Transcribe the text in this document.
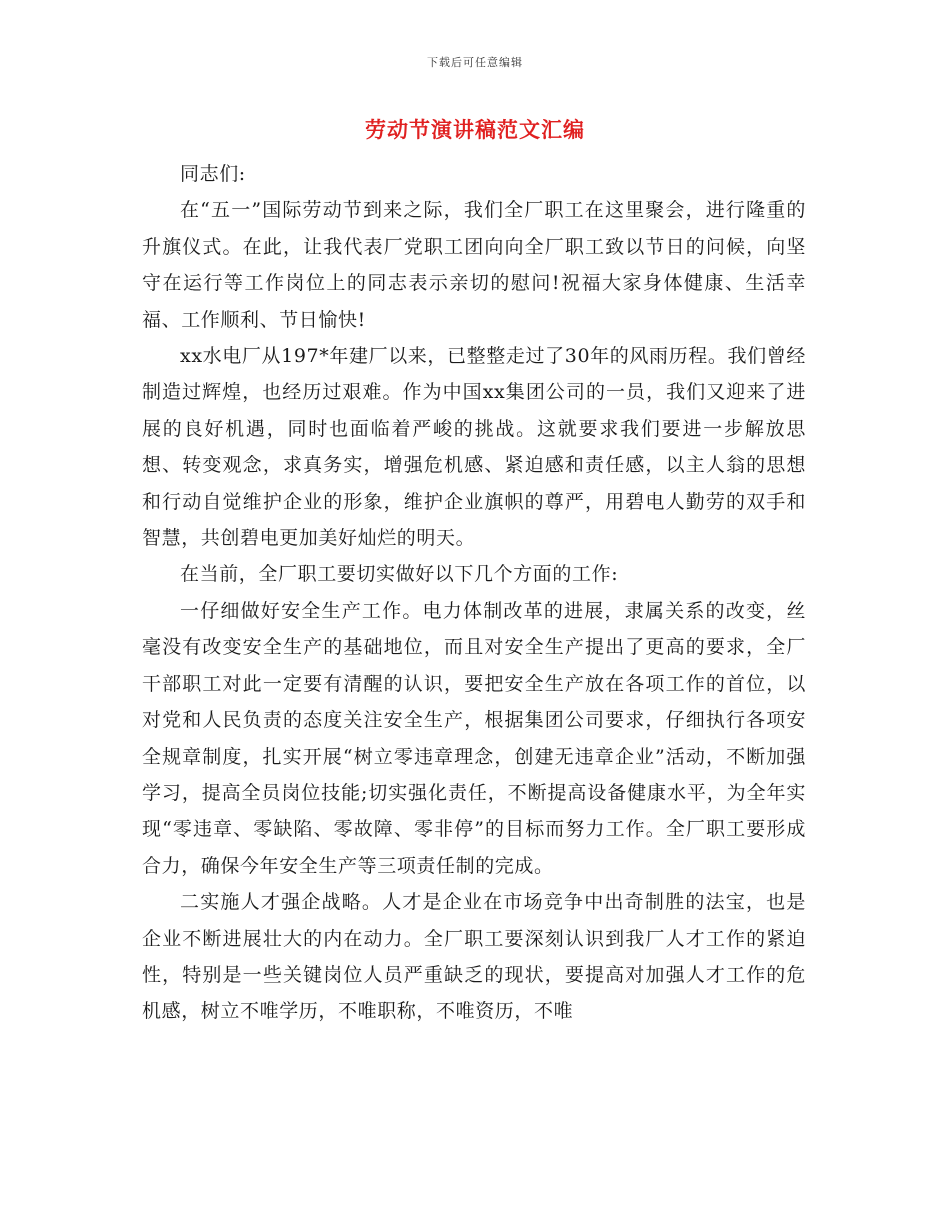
下载后可任意编辑
劳动节演讲稿范文汇编

同志们:

在“五一”国际劳动节到来之际，我们全厂职工在这里聚会，进行隆重的升旗仪式。在此，让我代表厂党职工团向向全厂职工致以节日的问候，向坚守在运行等工作岗位上的同志表示亲切的慰问!祝福大家身体健康、生活幸福、工作顺利、节日愉快!

xx水电厂从197*年建厂以来，已整整走过了30年的风雨历程。我们曾经制造过辉煌，也经历过艰难。作为中国xx集团公司的一员，我们又迎来了进展的良好机遇，同时也面临着严峻的挑战。这就要求我们要进一步解放思想、转变观念，求真务实，增强危机感、紧迫感和责任感，以主人翁的思想和行动自觉维护企业的形象，维护企业旗帜的尊严，用碧电人勤劳的双手和智慧，共创碧电更加美好灿烂的明天。

在当前，全厂职工要切实做好以下几个方面的工作:

一仔细做好安全生产工作。电力体制改革的进展，隶属关系的改变，丝毫没有改变安全生产的基础地位，而且对安全生产提出了更高的要求，全厂干部职工对此一定要有清醒的认识，要把安全生产放在各项工作的首位，以对党和人民负责的态度关注安全生产，根据集团公司要求，仔细执行各项安全规章制度，扎实开展“树立零违章理念，创建无违章企业”活动，不断加强学习，提高全员岗位技能;切实强化责任，不断提高设备健康水平，为全年实现“零违章、零缺陷、零故障、零非停”的目标而努力工作。全厂职工要形成合力，确保今年安全生产等三项责任制的完成。

二实施人才强企战略。人才是企业在市场竞争中出奇制胜的法宝，也是企业不断进展壮大的内在动力。全厂职工要深刻认识到我厂人才工作的紧迫性，特别是一些关键岗位人员严重缺乏的现状，要提高对加强人才工作的危机感，树立不唯学历，不唯职称，不唯资历，不唯
